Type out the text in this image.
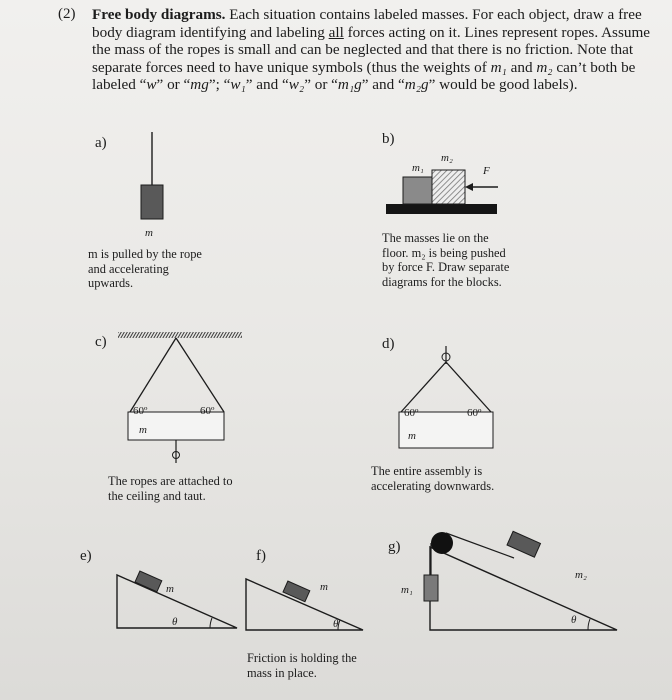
(2) Free body diagrams. Each situation contains labeled masses. For each object, draw a free body diagram identifying and labeling all forces acting on it. Lines represent ropes. Assume the mass of the ropes is small and can be neglected and that there is no friction. Note that separate forces need to have unique symbols (thus the weights of m₁ and m₂ can’t both be labeled “w” or “mg”; “w₁” and “w₂” or “m₁g” and “m₂g” would be good labels).
a)
m

m is pulled by the rope

and accelerating

upwards.

b)
m₁
m₂
F

The masses lie on the

floor. m₂ is being pushed

by force F. Draw separate

diagrams for the blocks.

c)
60º	60º
m

The ropes are attached to

the ceiling and taut.

d)
60º	60º
m

The entire assembly is

accelerating downwards.

e)
m
θ
f)
m
θ

Friction is holding the

mass in place.

g)
m₁
m₂
θ
